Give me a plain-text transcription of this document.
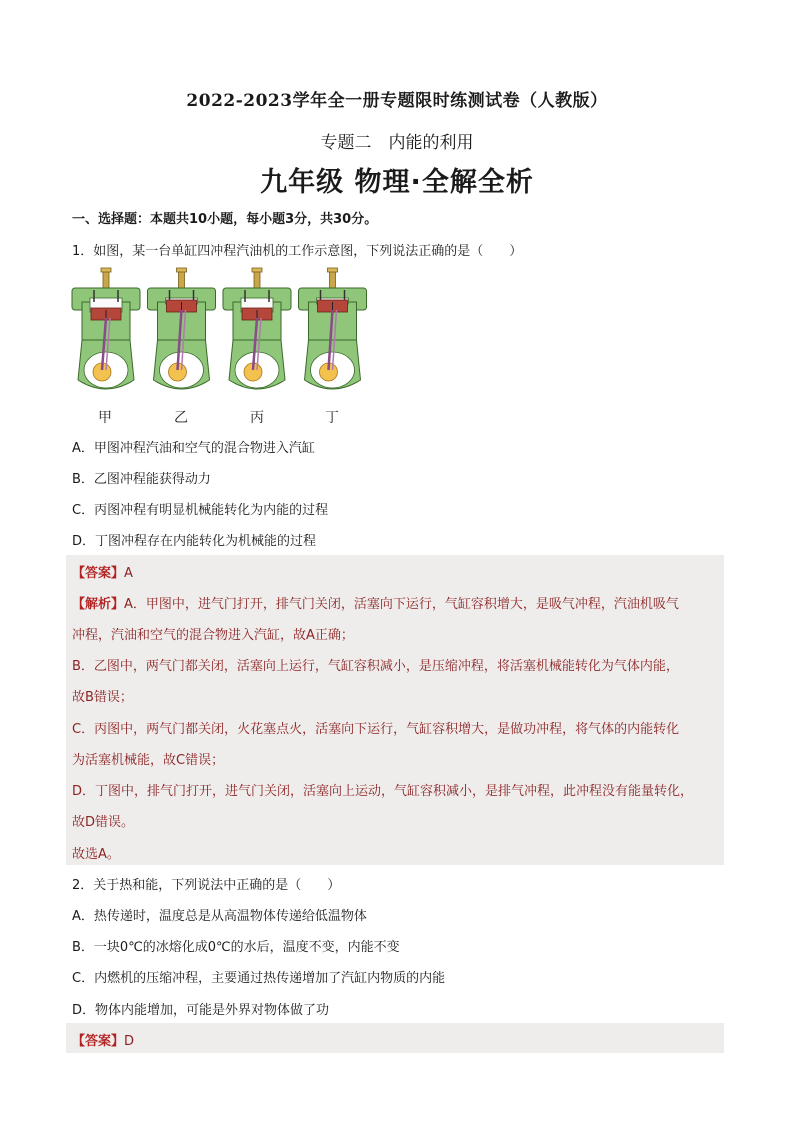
2022-2023学年全一册专题限时练测试卷（人教版）
专题二　内能的利用
九年级 物理·全解全析
一、选择题：本题共10小题，每小题3分，共30分。
1．如图，某一台单缸四冲程汽油机的工作示意图，下列说法正确的是（　　）
甲	乙	丙	丁
A．甲图冲程汽油和空气的混合物进入汽缸
B．乙图冲程能获得动力
C．丙图冲程有明显机械能转化为内能的过程
D．丁图冲程存在内能转化为机械能的过程
【答案】A
【解析】A．甲图中，进气门打开，排气门关闭，活塞向下运行，气缸容积增大，是吸气冲程，汽油机吸气
冲程，汽油和空气的混合物进入汽缸，故A正确；
B．乙图中，两气门都关闭，活塞向上运行，气缸容积减小，是压缩冲程，将活塞机械能转化为气体内能，
故B错误；
C．丙图中，两气门都关闭，火花塞点火，活塞向下运行，气缸容积增大，是做功冲程，将气体的内能转化
为活塞机械能，故C错误；
D．丁图中，排气门打开，进气门关闭，活塞向上运动，气缸容积减小，是排气冲程，此冲程没有能量转化，
故D错误。
故选A。
2．关于热和能，下列说法中正确的是（　　）
A．热传递时，温度总是从高温物体传递给低温物体
B．一块0℃的冰熔化成0℃的水后，温度不变，内能不变
C．内燃机的压缩冲程，主要通过热传递增加了汽缸内物质的内能
D．物体内能增加，可能是外界对物体做了功
【答案】D
